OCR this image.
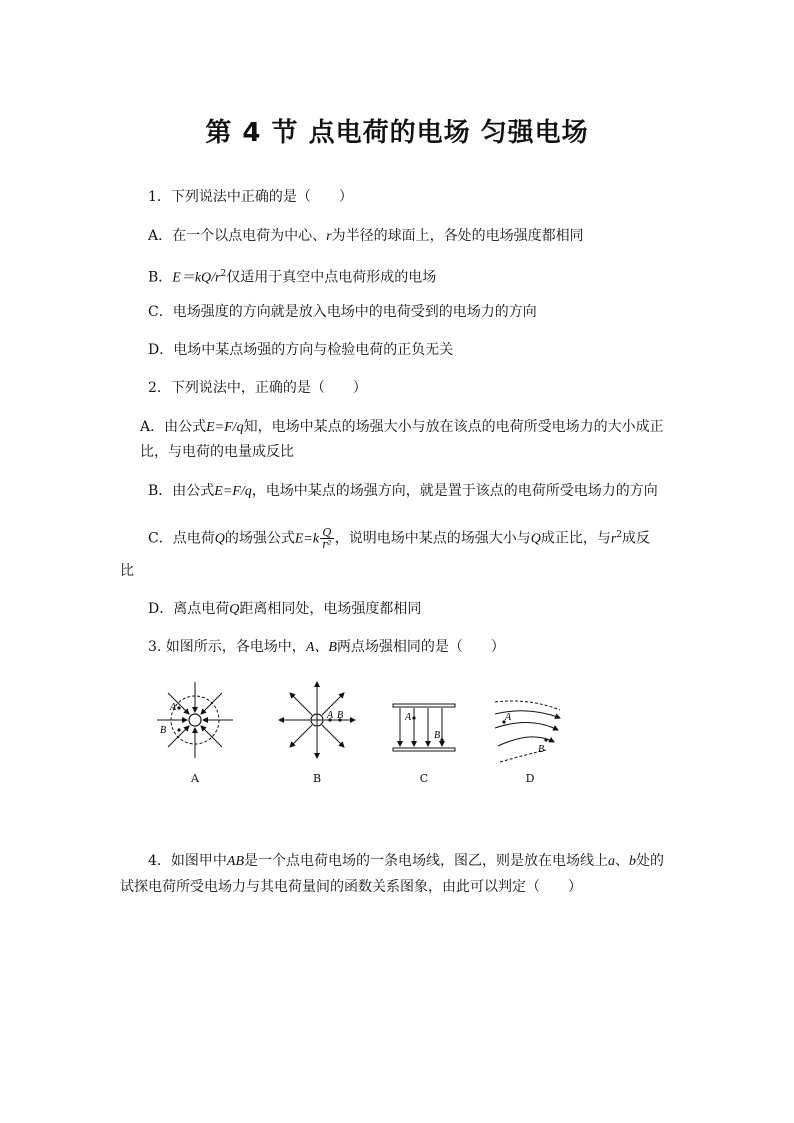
第 4 节 点电荷的电场 匀强电场
1．下列说法中正确的是（　　）
A．在一个以点电荷为中心、r为半径的球面上，各处的电场强度都相同
B．$E=kQ/r^2$仅适用于真空中点电荷形成的电场
C．电场强度的方向就是放入电场中的电荷受到的电场力的方向
D．电场中某点场强的方向与检验电荷的正负无关
2．下列说法中，正确的是（　　）
A．由公式E=F/q知，电场中某点的场强大小与放在该点的电荷所受电场力的大小成正
比，与电荷的电量成反比
B．由公式E=F/q，电场中某点的场强方向，就是置于该点的电荷所受电场力的方向
C．点电荷Q的场强公式$E=k \frac{Q}{\text{r²}}$ ，说明电场中某点的场强大小与Q成正比，与$r^2$成反
比
D．离点电荷Q距离相同处，电场强度都相同
3. 如图所示，各电场中，A、B两点场强相同的是（　　）
A
B
A
A B
B
A
B
C
A
B
D
4．如图甲中AB是一个点电荷电场的一条电场线，图乙，则是放在电场线上a、b处的
试探电荷所受电场力与其电荷量间的函数关系图象，由此可以判定（　　）
